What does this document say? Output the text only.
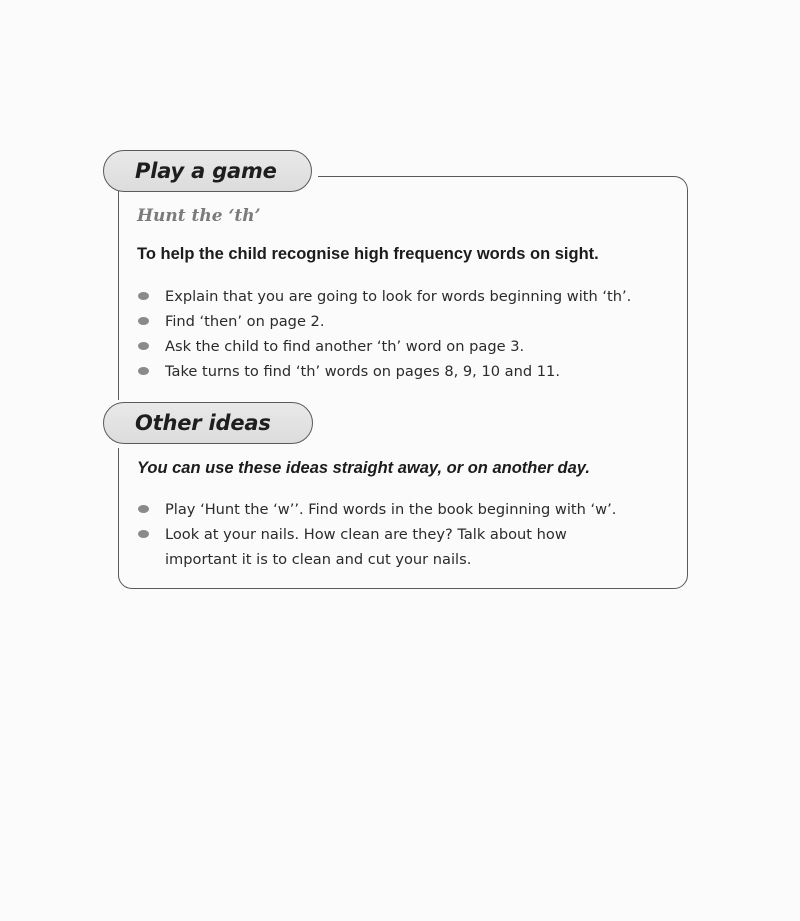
Play a game
Hunt the ‘th’
To help the child recognise high frequency words on sight.
Explain that you are going to look for words beginning with ‘th’.
Find ‘then’ on page 2.
Ask the child to find another ‘th’ word on page 3.
Take turns to find ‘th’ words on pages 8, 9, 10 and 11.
Other ideas
You can use these ideas straight away, or on another day.
Play ‘Hunt the ‘w’’. Find words in the book beginning with ‘w’.
Look at your nails. How clean are they? Talk about how important it is to clean and cut your nails.
